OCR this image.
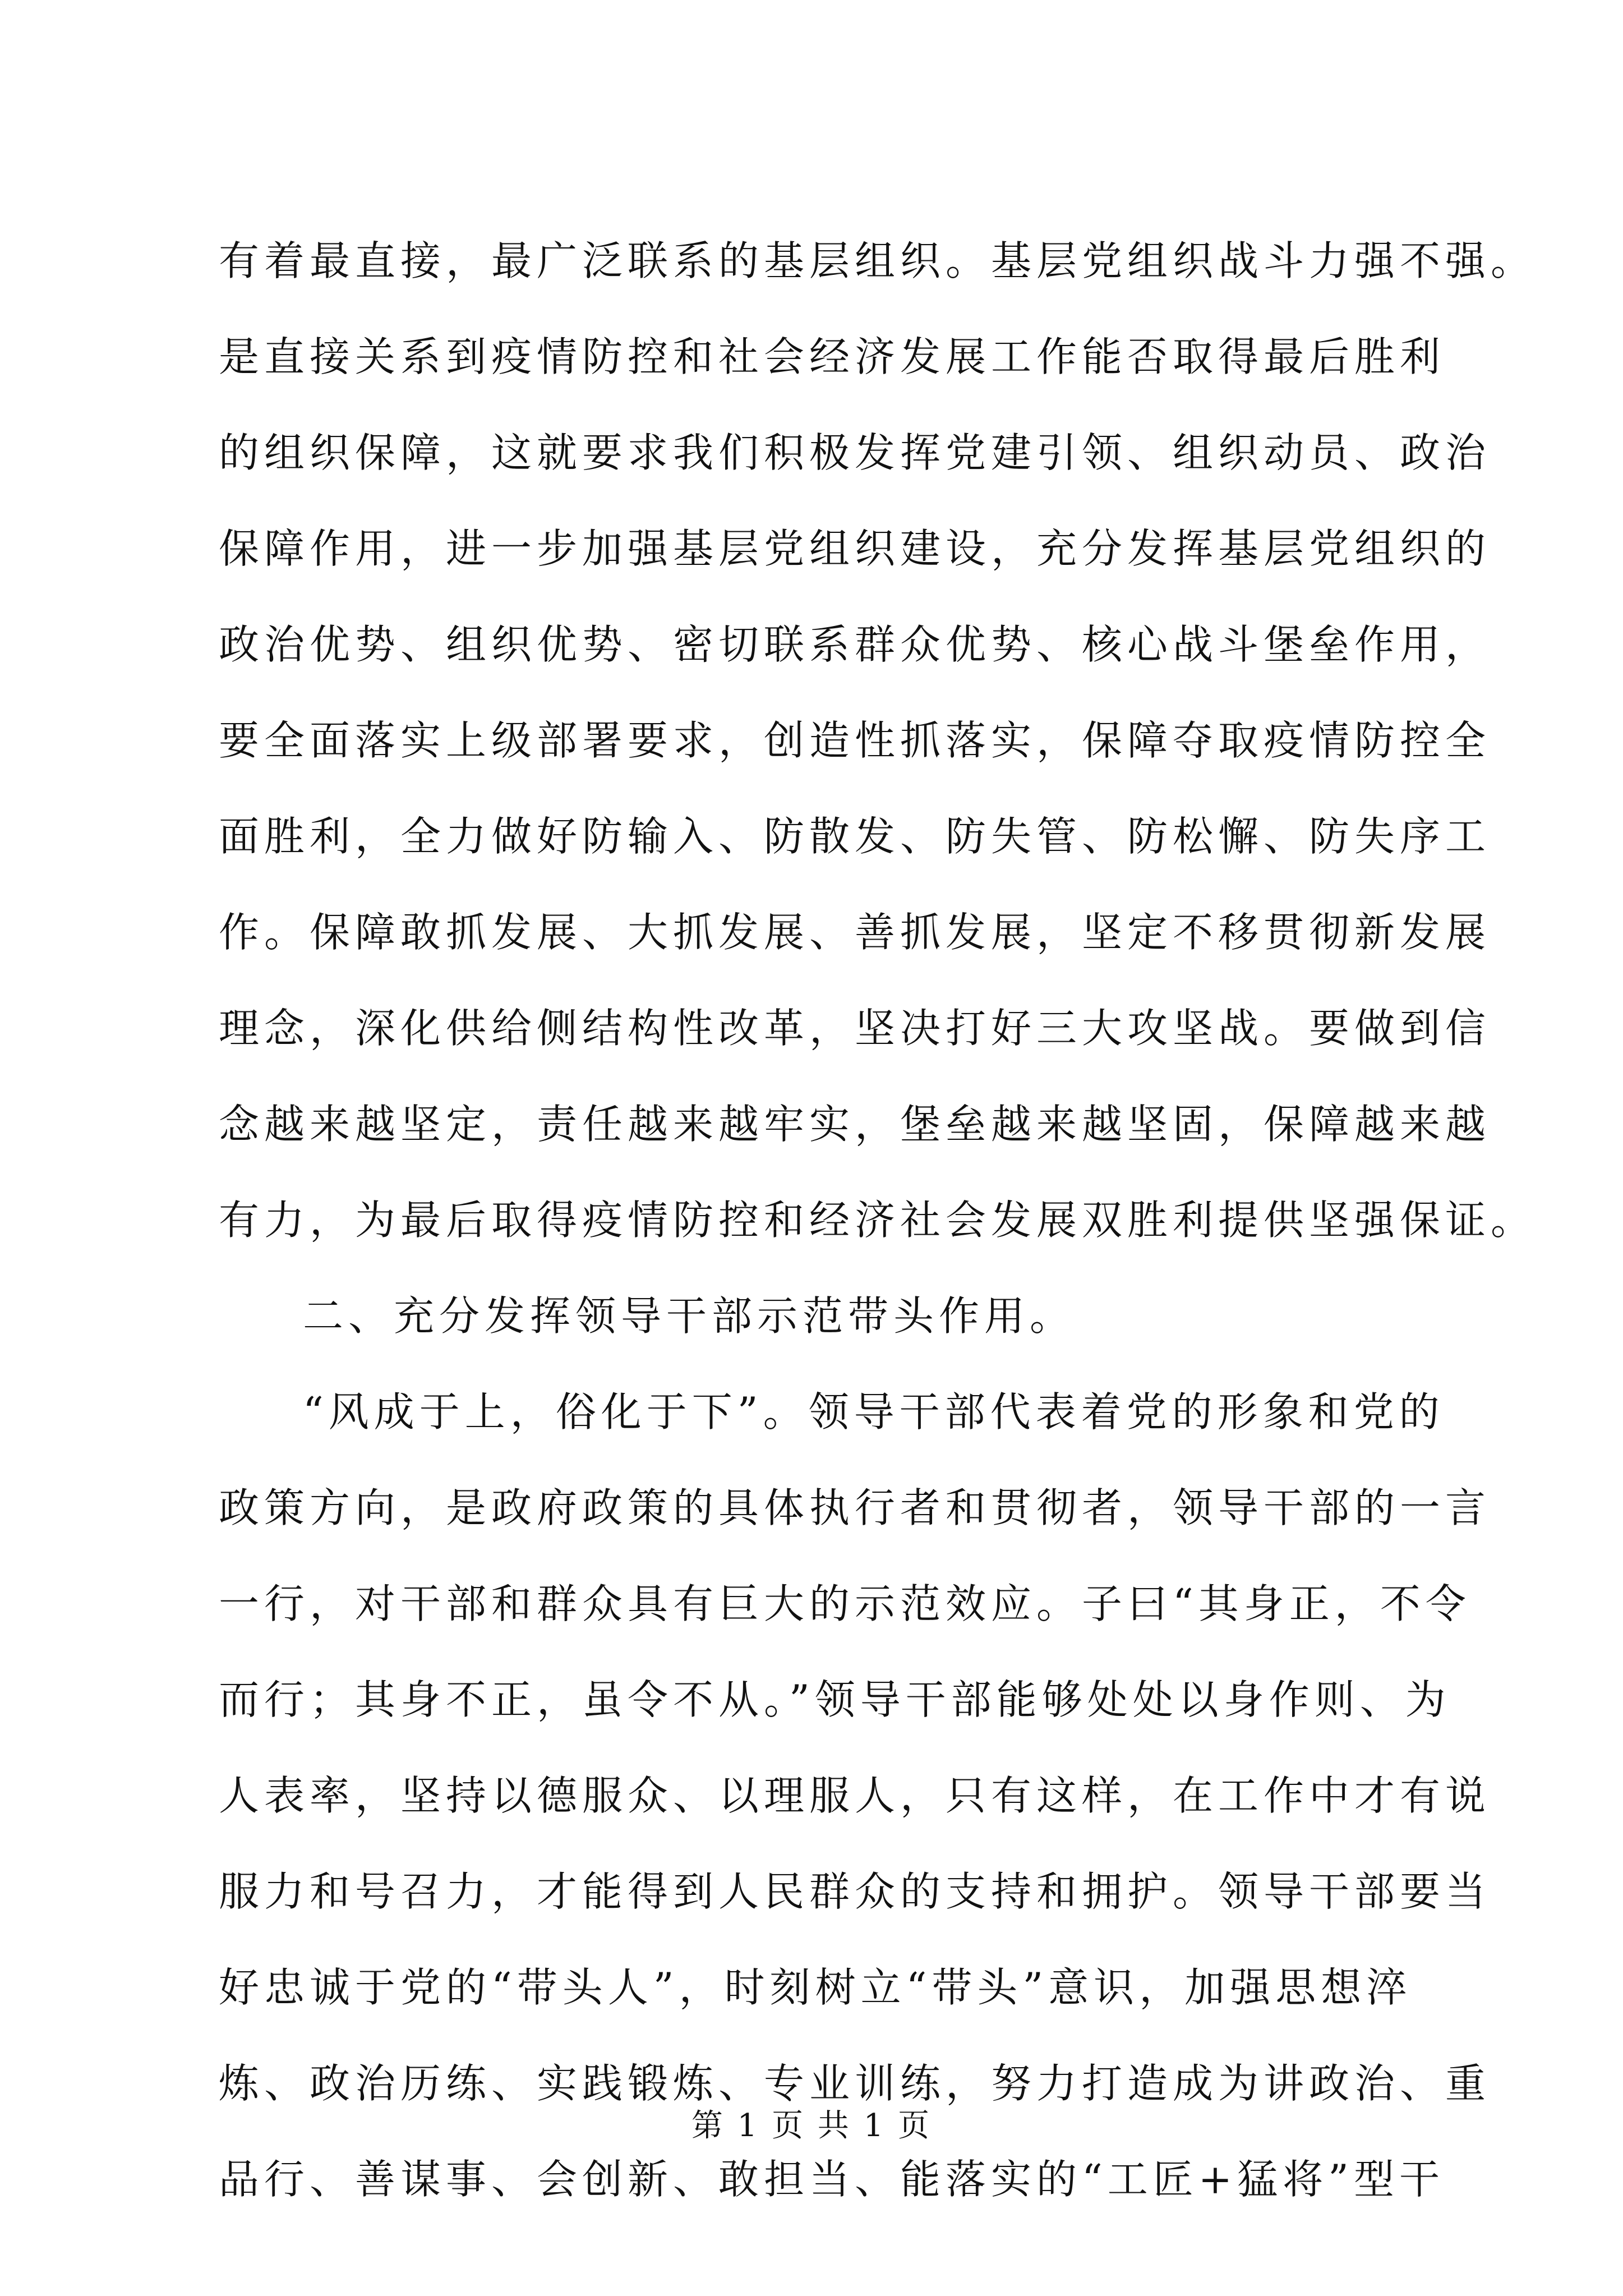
有着最直接，最广泛联系的基层组织。基层党组织战斗力强不强。
是直接关系到疫情防控和社会经济发展工作能否取得最后胜利
的组织保障，这就要求我们积极发挥党建引领、组织动员、政治
保障作用，进一步加强基层党组织建设，充分发挥基层党组织的
政治优势、组织优势、密切联系群众优势、核心战斗堡垒作用，
要全面落实上级部署要求，创造性抓落实，保障夺取疫情防控全
面胜利，全力做好防输入、防散发、防失管、防松懈、防失序工
作。保障敢抓发展、大抓发展、善抓发展，坚定不移贯彻新发展
理念，深化供给侧结构性改革，坚决打好三大攻坚战。要做到信
念越来越坚定，责任越来越牢实，堡垒越来越坚固，保障越来越
有力，为最后取得疫情防控和经济社会发展双胜利提供坚强保证。
二、充分发挥领导干部示范带头作用。
“风成于上，俗化于下”。领导干部代表着党的形象和党的
政策方向，是政府政策的具体执行者和贯彻者，领导干部的一言
一行，对干部和群众具有巨大的示范效应。子曰“其身正，不令
而行；其身不正，虽令不从。”领导干部能够处处以身作则、为
人表率，坚持以德服众、以理服人，只有这样，在工作中才有说
服力和号召力，才能得到人民群众的支持和拥护。领导干部要当
好忠诚于党的“带头人”，时刻树立“带头”意识，加强思想淬
炼、政治历练、实践锻炼、专业训练，努力打造成为讲政治、重
品行、善谋事、会创新、敢担当、能落实的“工匠+猛将”型干
第 1 页 共 1 页
